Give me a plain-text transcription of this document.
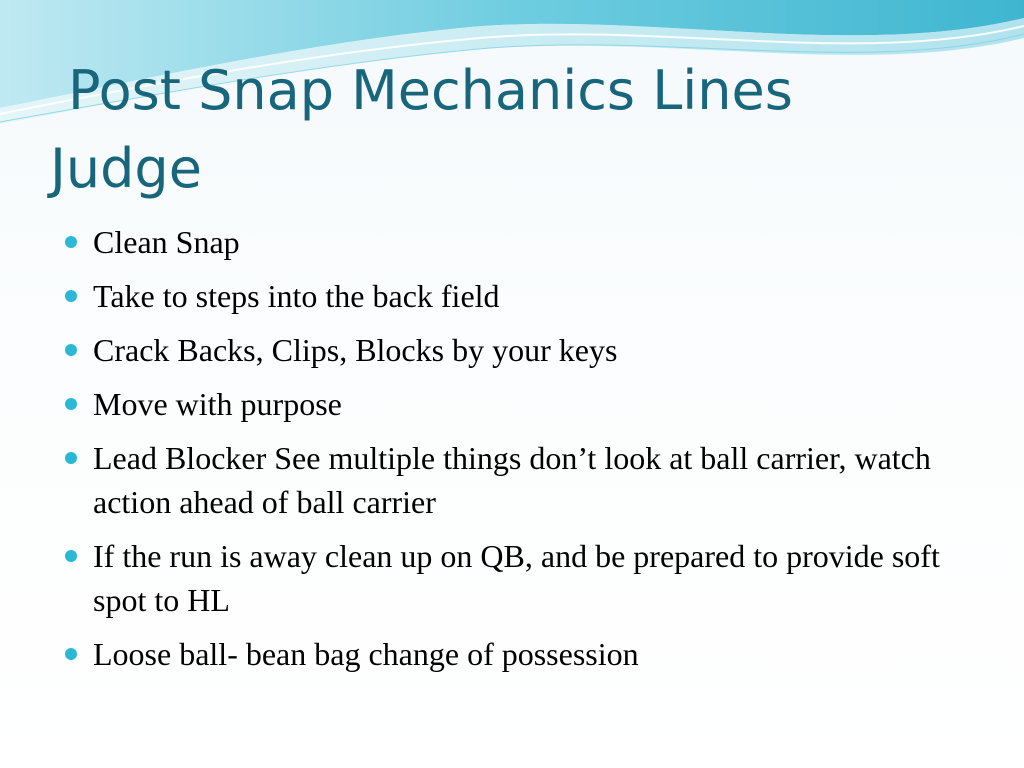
Post Snap Mechanics Lines Judge
Clean Snap
Take to steps into the back field
Crack Backs, Clips, Blocks by your keys
Move with purpose
Lead Blocker See multiple things don’t look at ball carrier, watch action ahead of ball carrier
If the run is away clean up on QB, and be prepared to provide soft spot to HL
Loose ball- bean bag change of possession
